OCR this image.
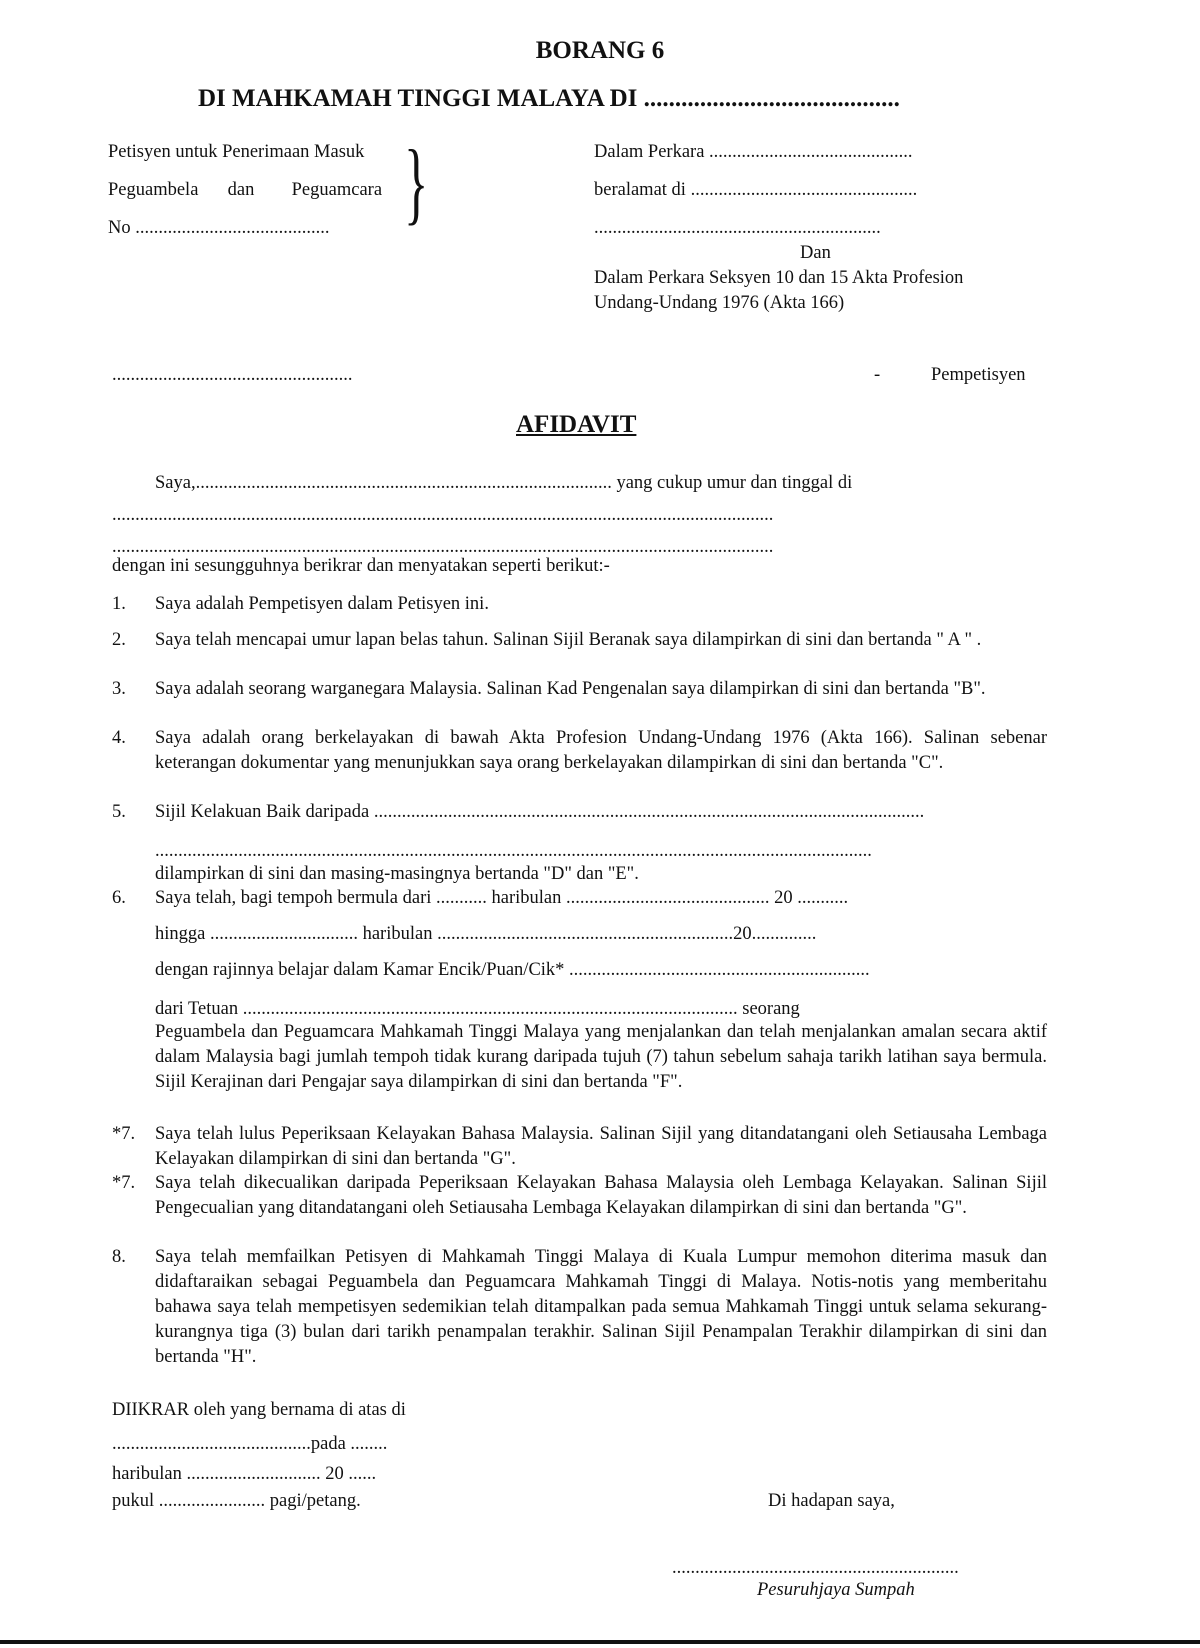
BORANG 6
DI MAHKAMAH TINGGI MALAYA DI .........................................
Petisyen untuk Penerimaan Masuk
Peguambela dan Peguamcara
No .......................................... }	Dalam Perkara ............................................
beralamat di .................................................
..............................................................
Dan
Dalam Perkara Seksyen 10 dan 15 Akta Profesion
Undang-Undang 1976 (Akta 166)
....................................................	-	Pempetisyen
AFIDAVIT
Saya,.......................................................................................... yang cukup umur dan tinggal di
...............................................................................................................................................
...............................................................................................................................................
dengan ini sesungguhnya berikrar dan menyatakan seperti berikut:-
1. Saya adalah Pempetisyen dalam Petisyen ini.
2. Saya telah mencapai umur lapan belas tahun. Salinan Sijil Beranak saya dilampirkan di sini dan bertanda " A " .
3. Saya adalah seorang warganegara Malaysia. Salinan Kad Pengenalan saya dilampirkan di sini dan bertanda "B".
4. Saya adalah orang berkelayakan di bawah Akta Profesion Undang-Undang 1976 (Akta 166). Salinan sebenar keterangan dokumentar yang menunjukkan saya orang berkelayakan dilampirkan di sini dan bertanda "C".
5. Sijil Kelakuan Baik daripada .......................................................................................................................
...........................................................................................................................................................
dilampirkan di sini dan masing-masingnya bertanda "D" dan "E".
6. Saya telah, bagi tempoh bermula dari ........... haribulan ............................................ 20 ...........
hingga ................................ haribulan ................................................................20..............
dengan rajinnya belajar dalam Kamar Encik/Puan/Cik* .................................................................
dari Tetuan ........................................................................................................... seorang
Peguambela dan Peguamcara Mahkamah Tinggi Malaya yang menjalankan dan telah menjalankan amalan secara aktif dalam Malaysia bagi jumlah tempoh tidak kurang daripada tujuh (7) tahun sebelum sahaja tarikh latihan saya bermula. Sijil Kerajinan dari Pengajar saya dilampirkan di sini dan bertanda "F".
*7. Saya telah lulus Peperiksaan Kelayakan Bahasa Malaysia. Salinan Sijil yang ditandatangani oleh Setiausaha Lembaga Kelayakan dilampirkan di sini dan bertanda "G".
*7. Saya telah dikecualikan daripada Peperiksaan Kelayakan Bahasa Malaysia oleh Lembaga Kelayakan. Salinan Sijil Pengecualian yang ditandatangani oleh Setiausaha Lembaga Kelayakan dilampirkan di sini dan bertanda "G".
8. Saya telah memfailkan Petisyen di Mahkamah Tinggi Malaya di Kuala Lumpur memohon diterima masuk dan didaftaraikan sebagai Peguambela dan Peguamcara Mahkamah Tinggi di Malaya. Notis-notis yang memberitahu bahawa saya telah mempetisyen sedemikian telah ditampalkan pada semua Mahkamah Tinggi untuk selama sekurang-kurangnya tiga (3) bulan dari tarikh penampalan terakhir. Salinan Sijil Penampalan Terakhir dilampirkan di sini dan bertanda "H".
DIIKRAR oleh yang bernama di atas di
...........................................pada ........
haribulan ............................. 20 ......
pukul ....................... pagi/petang.	Di hadapan saya,
..............................................................
Pesuruhjaya Sumpah
